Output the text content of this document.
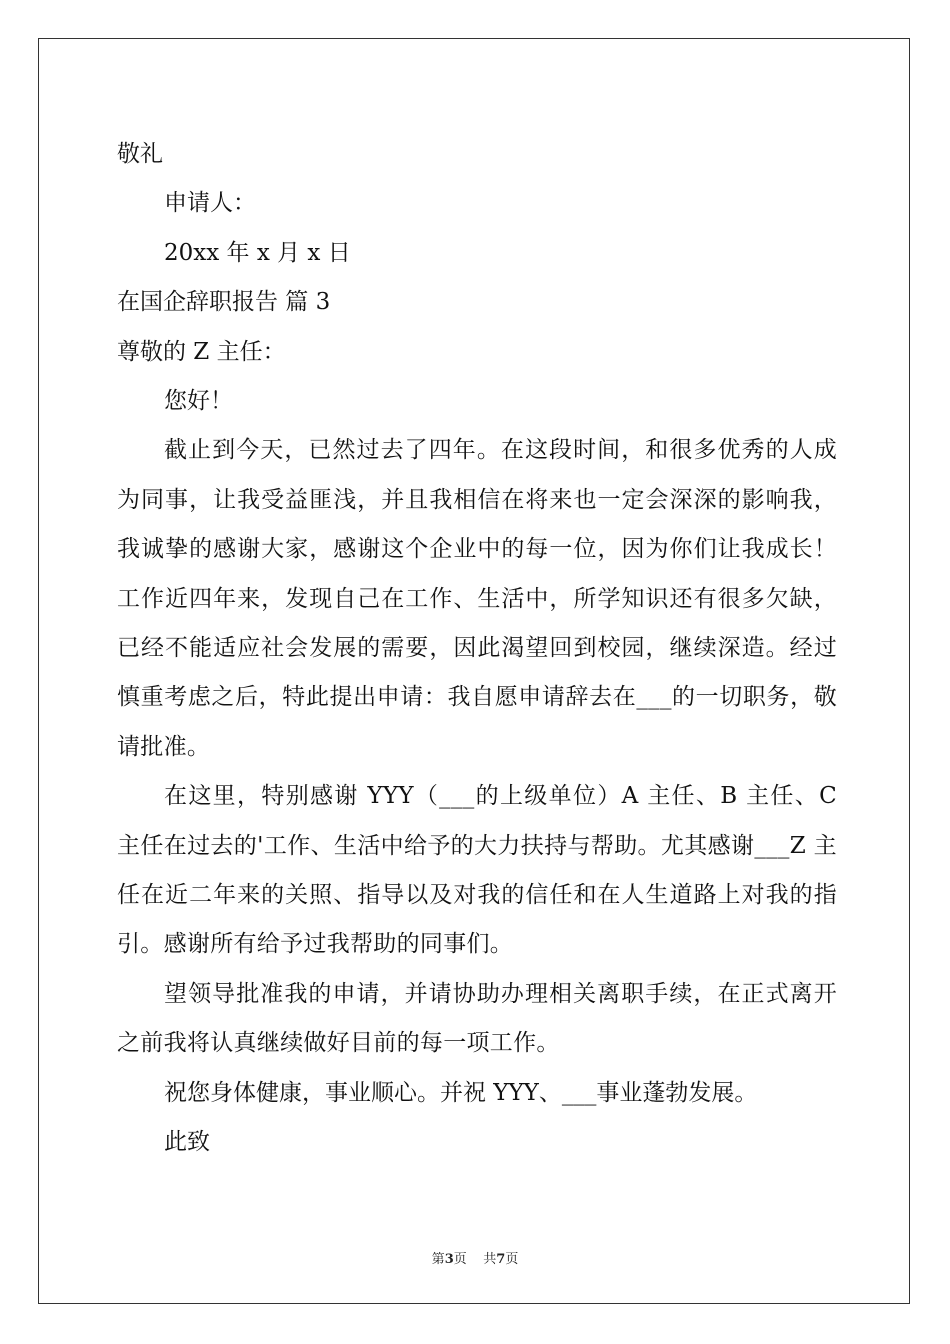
敬礼

申请人：

20xx 年 x 月 x 日

在国企辞职报告 篇 3

尊敬的 Z 主任：

您好！

截止到今天，已然过去了四年。在这段时间，和很多优秀的人成为同事，让我受益匪浅，并且我相信在将来也一定会深深的影响我，我诚挚的感谢大家，感谢这个企业中的每一位，因为你们让我成长！工作近四年来，发现自己在工作、生活中，所学知识还有很多欠缺，已经不能适应社会发展的需要，因此渴望回到校园，继续深造。经过慎重考虑之后，特此提出申请：我自愿申请辞去在___的一切职务，敬请批准。

在这里，特别感谢 YYY（___的上级单位）A 主任、B 主任、C 主任在过去的'工作、生活中给予的大力扶持与帮助。尤其感谢___Z 主任在近二年来的关照、指导以及对我的信任和在人生道路上对我的指引。感谢所有给予过我帮助的同事们。

望领导批准我的申请，并请协助办理相关离职手续，在正式离开之前我将认真继续做好目前的每一项工作。

祝您身体健康，事业顺心。并祝 YYY、___事业蓬勃发展。

此致

第3页    共7页
